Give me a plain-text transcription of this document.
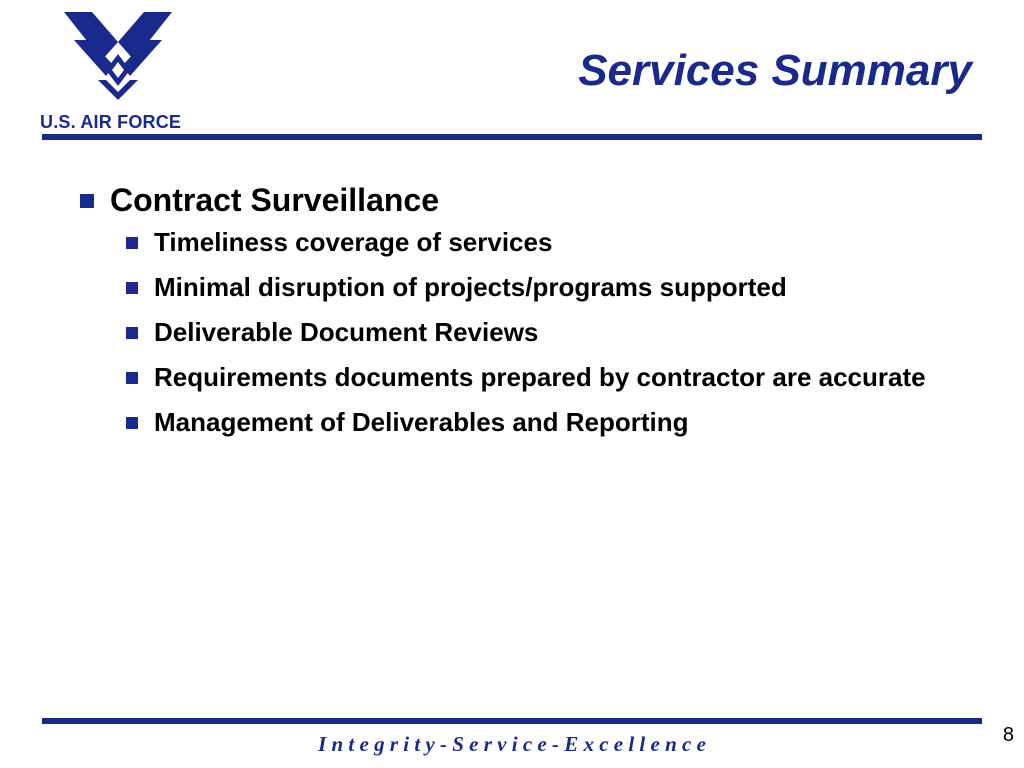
U.S. AIR FORCE
Services Summary
Contract Surveillance
Timeliness coverage of services
Minimal disruption of projects/programs supported
Deliverable Document Reviews
Requirements documents prepared by contractor are accurate
Management of Deliverables and Reporting
I n t e g r i t y - S e r v i c e - E x c e l l e n c e	8
